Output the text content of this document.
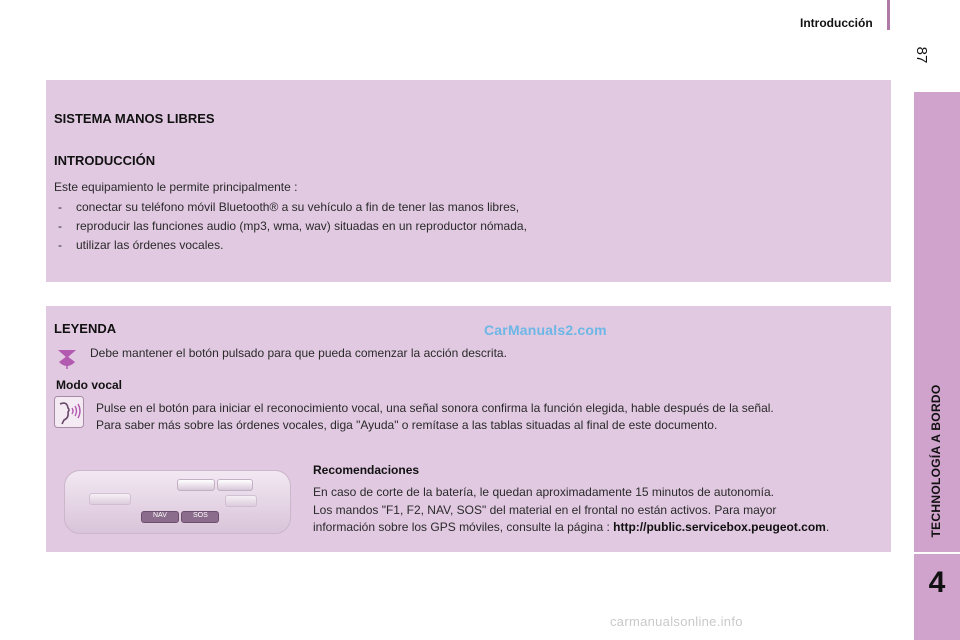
Introducción
87
TECHNOLOGÍA A BORDO
4
SISTEMA MANOS LIBRES
INTRODUCCIÓN
Este equipamiento le permite principalmente :
- conectar su teléfono móvil Bluetooth® a su vehículo a fin de tener las manos libres,
- reproducir las funciones audio (mp3, wma, wav) situadas en un reproductor nómada,
- utilizar las órdenes vocales.
LEYENDA	CarManuals2.com
Debe mantener el botón pulsado para que pueda comenzar la acción descrita.
Modo vocal
Pulse en el botón para iniciar el reconocimiento vocal, una señal sonora confirma la función elegida, hable después de la señal.
Para saber más sobre las órdenes vocales, diga "Ayuda" o remítase a las tablas situadas al final de este documento.
NAV	SOS
Recomendaciones
En caso de corte de la batería, le quedan aproximadamente 15 minutos de autonomía.
Los mandos "F1, F2, NAV, SOS" del material en el frontal no están activos. Para mayor
información sobre los GPS móviles, consulte la página : http://public.servicebox.peugeot.com.
carmanualsonline.info
